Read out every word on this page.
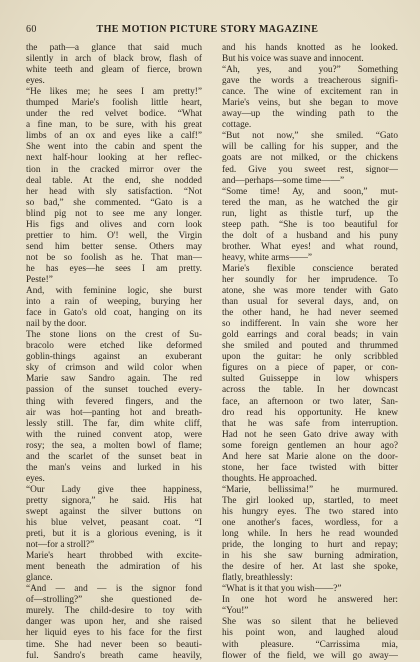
60	THE MOTION PICTURE STORY MAGAZINE
the path—a glance that said much
silently in arch of black brow, flash of
white teeth and gleam of fierce, brown
eyes.
“He likes me; he sees I am pretty!”
thumped Marie's foolish little heart,
under the red velvet bodice. “What
a fine man, to be sure, with his great
limbs of an ox and eyes like a calf!”
She went into the cabin and spent the
next half-hour looking at her reflec-
tion in the cracked mirror over the
deal table. At the end, she nodded
her head with sly satisfaction. “Not
so bad,” she commented. “Gato is a
blind pig not to see me any longer.
His figs and olives and corn look
prettier to him. O'! well, the Virgin
send him better sense. Others may
not be so foolish as he. That man—
he has eyes—he sees I am pretty.
Peste!”
And, with feminine logic, she burst
into a rain of weeping, burying her
face in Gato's old coat, hanging on its
nail by the door.
The stone lions on the crest of Su-
bracolo were etched like deformed
goblin-things against an exuberant
sky of crimson and wild color when
Marie saw Sandro again. The red
passion of the sunset touched every-
thing with fevered fingers, and the
air was hot—panting hot and breath-
lessly still. The far, dim white cliff,
with the ruined convent atop, were
rosy; the sea, a molten bowl of flame;
and the scarlet of the sunset beat in
the man's veins and lurked in his
eyes.
“Our Lady give thee happiness,
pretty signora,” he said. His hat
swept against the silver buttons on
his blue velvet, peasant coat. “I
preti, but it is a glorious evening, is it
not—for a stroll?”
Marie's heart throbbed with excite-
ment beneath the admiration of his
glance.
“And — and — is the signor fond
of—strolling?” she questioned de-
murely. The child-desire to toy with
danger was upon her, and she raised
her liquid eyes to his face for the first
time. She had never been so beauti-
ful. Sandro's breath came heavily,
and his hands knotted as he looked.
But his voice was suave and innocent.
“Ah, yes, and you?” Something
gave the words a treacherous signifi-
cance. The wine of excitement ran in
Marie's veins, but she began to move
away—up the winding path to the
cottage.
“But not now,” she smiled. “Gato
will be calling for his supper, and the
goats are not milked, or the chickens
fed. Give you sweet rest, signor—
and—perhaps—some time——”
“Some time! Ay, and soon,” mut-
tered the man, as he watched the gir
run, light as thistle turf, up the
steep path. “She is too beautiful for
the dolt of a husband and his puny
brother. What eyes! and what round,
heavy, white arms——”
Marie's flexible conscience berated
her soundly for her imprudence. To
atone, she was more tender with Gato
than usual for several days, and, on
the other hand, he had never seemed
so indifferent. In vain she wore her
gold earrings and coral beads; in vain
she smiled and pouted and thrummed
upon the guitar: he only scribbled
figures on a piece of paper, or con-
sulted Guisseppe in low whispers
across the table. In her downcast
face, an afternoon or two later, San-
dro read his opportunity. He knew
that he was safe from interruption.
Had not he seen Gato drive away with
some foreign gentlemen an hour ago?
And here sat Marie alone on the door-
stone, her face twisted with bitter
thoughts. He approached.
“Marie, bellissima!” he murmured.
The girl looked up, startled, to meet
his hungry eyes. The two stared into
one another's faces, wordless, for a
long while. In hers he read wounded
pride, the longing to hurt and repay;
in his she saw burning admiration,
the desire of her. At last she spoke,
flatly, breathlessly:
“What is it that you wish——?”
In one hot word he answered her:
“You!”
She was so silent that he believed
his point won, and laughed aloud
with pleasure. “Carrissima mia,
flower of the field, we will go away—
